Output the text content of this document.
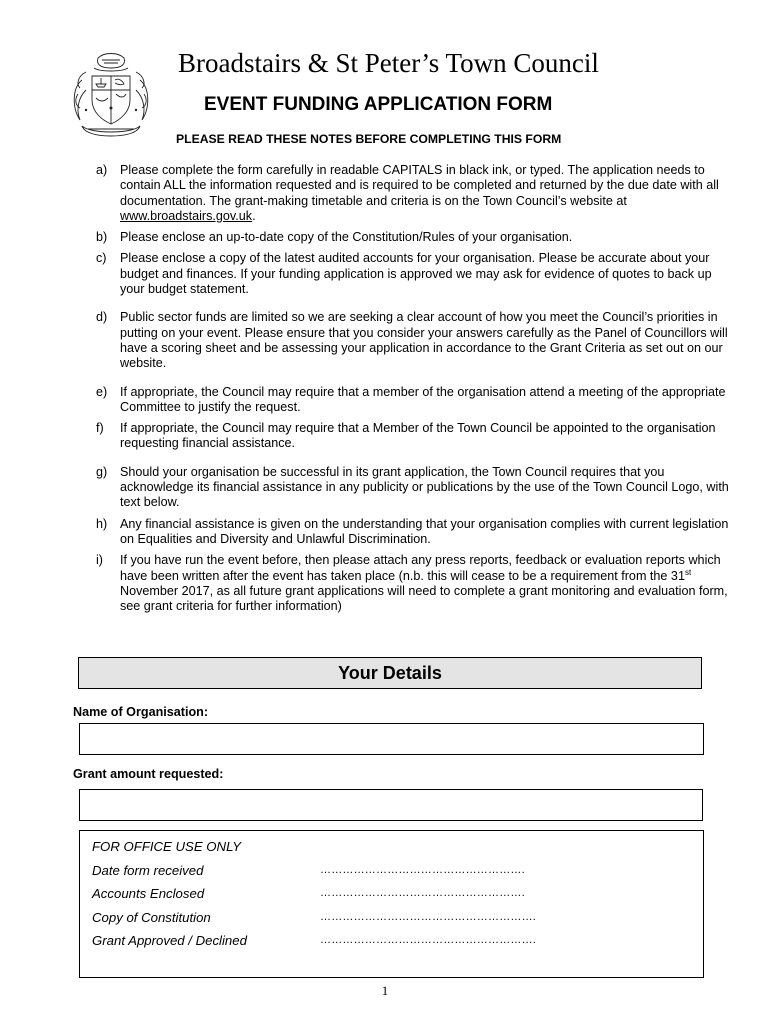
Broadstairs & St Peter’s Town Council
EVENT FUNDING APPLICATION FORM
PLEASE READ THESE NOTES BEFORE COMPLETING THIS FORM
a) Please complete the form carefully in readable CAPITALS in black ink, or typed. The application needs to contain ALL the information requested and is required to be completed and returned by the due date with all documentation. The grant-making timetable and criteria is on the Town Council’s website at www.broadstairs.gov.uk.
b) Please enclose an up-to-date copy of the Constitution/Rules of your organisation.
c) Please enclose a copy of the latest audited accounts for your organisation. Please be accurate about your budget and finances. If your funding application is approved we may ask for evidence of quotes to back up your budget statement.
d) Public sector funds are limited so we are seeking a clear account of how you meet the Council’s priorities in putting on your event. Please ensure that you consider your answers carefully as the Panel of Councillors will have a scoring sheet and be assessing your application in accordance to the Grant Criteria as set out on our website.
e) If appropriate, the Council may require that a member of the organisation attend a meeting of the appropriate Committee to justify the request.
f) If appropriate, the Council may require that a Member of the Town Council be appointed to the organisation requesting financial assistance.
g) Should your organisation be successful in its grant application, the Town Council requires that you acknowledge its financial assistance in any publicity or publications by the use of the Town Council Logo, with text below.
h) Any financial assistance is given on the understanding that your organisation complies with current legislation on Equalities and Diversity and Unlawful Discrimination.
i) If you have run the event before, then please attach any press reports, feedback or evaluation reports which have been written after the event has taken place (n.b. this will cease to be a requirement from the 31st November 2017, as all future grant applications will need to complete a grant monitoring and evaluation form, see grant criteria for further information)
Your Details
Name of Organisation:
Grant amount requested:
FOR OFFICE USE ONLY
Date form received	……………………………………………….
Accounts Enclosed	……………………………………………….
Copy of Constitution	………………………………………………….
Grant Approved / Declined	………………………………………………….
1
